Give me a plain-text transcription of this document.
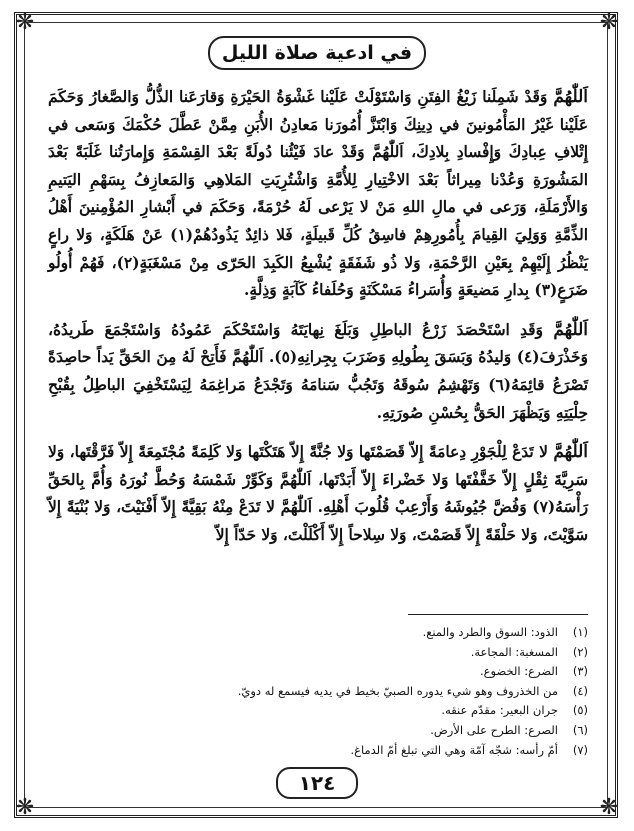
❋	❋
❋	❋
في ادعية صلاة الليل

اَللّٰهُمَّ وَقَدْ شَمِلَنا زَيْغُ الفِتَنِ وَاسْتَوْلَتْ عَلَيْنا غَشْوَةُ الحَيْرَةِ وَقارَعَنا الذُّلُّ وَالصَّغارُ وَحَكَمَ عَلَيْنا غَيْرُ المَأْمُونينَ في دِينِكَ وَابْتَزَّ أُمُورَنا مَعادِنُ الأُبَنِ مِمَّنْ عَطَّلَ حُكْمَكَ وَسَعى في إِتْلافِ عِبادِكَ وَإِفْسادِ بِلادِكَ، اَللّٰهُمَّ وَقَدْ عادَ فَيْئُنا دُولَةً بَعْدَ القِسْمَةِ وَإِمارَتُنا غَلَبَةً بَعْدَ المَشُورَةِ وَعُدْنا مِيراثاً بَعْدَ الاخْتِيارِ لِلأُمَّةِ وَاشْتُرِيَتِ المَلاهِي وَالمَعازِفُ بِسَهْمِ اليَتيمِ وَالأَرْمَلَةِ، وَرَعى في مالِ اللهِ مَنْ لا يَرْعى لَهُ حُرْمَةً، وَحَكَمَ في أَبْشارِ المُؤْمِنينَ أَهْلُ الذِّمَّةِ وَوَلِيَ القِيامَ بِأُمُورِهِمْ فاسِقُ كُلِّ قَبيلَةٍ، فَلا ذائِدٌ يَذُودُهُمْ(١) عَنْ هَلَكَةٍ، وَلا راعٍ يَنْظُرُ إِلَيْهِمْ بِعَيْنِ الرَّحْمَةِ، وَلا ذُو شَفَقَةٍ يُشْبِعُ الكَبِدَ الحَرّى مِنْ مَسْغَبَةٍ(٢)، فَهُمْ أُولُو ضَرَعٍ(٣) بِدارِ مَضيعَةٍ وَأُسَراءُ مَسْكَنَةٍ وَحُلَفاءُ كَآبَةٍ وَذِلَّةٍ.

اَللّٰهُمَّ وَقَدِ اسْتَحْصَدَ زَرْعُ الباطِلِ وَبَلَغَ نِهايَتَهُ وَاسْتَحْكَمَ عَمُودُهُ وَاسْتَجْمَعَ طَريدُهُ، وَخَذْرَفَ(٤) وَليدُهُ وَبَسَقَ بِطُولِهِ وَضَرَبَ بِجِرانِهِ(٥). اَللّٰهُمَّ فَأَتِحْ لَهُ مِنَ الحَقِّ يَداً حاصِدَةً تَصْرَعُ قائِمَهُ(٦) وَتَهْشِمُ سُوقَهُ وَتَجُبُّ سَنامَهُ وَتَجْدَعُ مَراغِمَهُ لِيَسْتَخْفِيَ الباطِلُ بِقُبْحِ حِلْيَتِهِ وَيَظْهَرَ الحَقُّ بِحُسْنِ صُورَتِهِ.

اَللّٰهُمَّ لا تَدَعْ لِلْجَوْرِ دِعامَةً إِلاّ قَصَمْتَها وَلا جُنَّةً إِلاّ هَتَكْتَها وَلا كَلِمَةً مُجْتَمِعَةً إِلاّ فَرَّقْتَها، وَلا سَرِيَّةَ ثِقْلٍ إِلاّ خَفَّفْتَها وَلا خَضْراءَ إِلاّ أَبَدْتَها، اَللّٰهُمَّ وَكَوِّرْ شَمْسَهُ وَحُطَّ نُورَهُ وَأُمَّ بِالحَقِّ رَأْسَهُ(٧) وَفُضَّ جُيُوشَهُ وَأَرْعِبْ قُلُوبَ أَهْلِهِ. اَللّٰهُمَّ لا تَدَعْ مِنْهُ بَقِيَّةً إِلاّ أَفْنَيْتَ، وَلا بُنْيَةً إِلاّ سَوَّيْتَ، وَلا حَلْقَةً إِلاّ قَصَمْتَ، وَلا سِلاحاً إِلاّ أَكْلَلْتَ، وَلا حَدّاً إِلاّ

(١)
الذود: السوق والطرد والمنع.
(٢)
المسغبة: المجاعة.
(٣)
الضرع: الخضوع.
(٤)
من الخذروف وهو شيء يدوره الصبيّ بخيط في يديه فيسمع له دويّ.
(٥)
جران البعير: مقدّم عنقه.
(٦)
الصرع: الطرح على الأرض.
(٧)
أمّ رأسه: شجّه آمّة وهي التي تبلغ أمّ الدماغ.
١٢٤
